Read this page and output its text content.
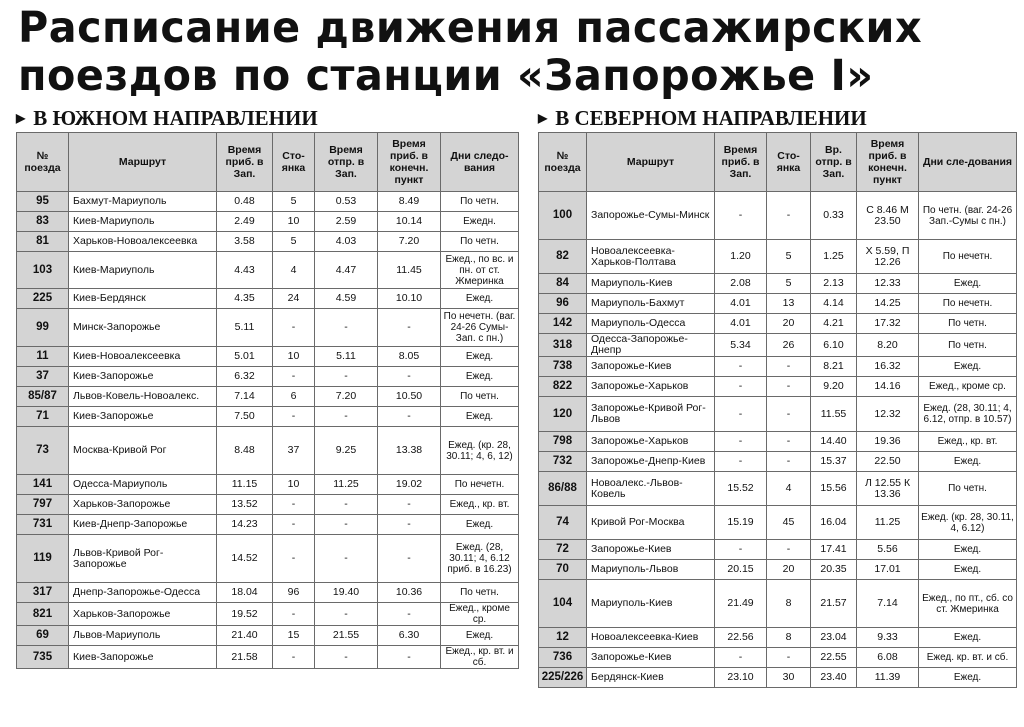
Расписание движения пассажирских
поездов по станции «Запорожье I»
▶ В ЮЖНОМ НАПРАВЛЕНИИ
№ поезда	Маршрут	Время приб. в Зап.	Сто-янка	Время отпр. в Зап.	Время приб. в конечн. пункт	Дни следо-вания
95	Бахмут-Мариуполь	0.48	5	0.53	8.49	По четн.
83	Киев-Мариуполь	2.49	10	2.59	10.14	Ежедн.
81	Харьков-Новоалексеевка	3.58	5	4.03	7.20	По четн.
103	Киев-Мариуполь	4.43	4	4.47	11.45	Ежед., по вс. и пн. от ст. Жмеринка
225	Киев-Бердянск	4.35	24	4.59	10.10	Ежед.
99	Минск-Запорожье	5.11	-	-	-	По нечетн. (ваг. 24-26 Сумы-Зап. с пн.)
11	Киев-Новоалексеевка	5.01	10	5.11	8.05	Ежед.
37	Киев-Запорожье	6.32	-	-	-	Ежед.
85/87	Львов-Ковель-Новоалекс.	7.14	6	7.20	10.50	По четн.
71	Киев-Запорожье	7.50	-	-	-	Ежед.
73	Москва-Кривой Рог	8.48	37	9.25	13.38	Ежед. (кр. 28, 30.11; 4, 6, 12)
141	Одесса-Мариуполь	11.15	10	11.25	19.02	По нечетн.
797	Харьков-Запорожье	13.52	-	-	-	Ежед., кр. вт.
731	Киев-Днепр-Запорожье	14.23	-	-	-	Ежед.
119	Львов-Кривой Рог-Запорожье	14.52	-	-	-	Ежед. (28, 30.11; 4, 6.12 приб. в 16.23)
317	Днепр-Запорожье-Одесса	18.04	96	19.40	10.36	По четн.
821	Харьков-Запорожье	19.52	-	-	-	Ежед., кроме ср.
69	Львов-Мариуполь	21.40	15	21.55	6.30	Ежед.
735	Киев-Запорожье	21.58	-	-	-	Ежед., кр. вт. и сб.
▶ В СЕВЕРНОМ НАПРАВЛЕНИИ
№ поезда	Маршрут	Время приб. в Зап.	Сто-янка	Вр. отпр. в Зап.	Время приб. в конечн. пункт	Дни сле-дования
100	Запорожье-Сумы-Минск	-	-	0.33	С 8.46 М 23.50	По четн. (ваг. 24-26 Зап.-Сумы с пн.)
82	Новоалексеевка-Харьков-Полтава	1.20	5	1.25	Х 5.59, П 12.26	По нечетн.
84	Мариуполь-Киев	2.08	5	2.13	12.33	Ежед.
96	Мариуполь-Бахмут	4.01	13	4.14	14.25	По нечетн.
142	Мариуполь-Одесса	4.01	20	4.21	17.32	По четн.
318	Одесса-Запорожье-Днепр	5.34	26	6.10	8.20	По четн.
738	Запорожье-Киев	-	-	8.21	16.32	Ежед.
822	Запорожье-Харьков	-	-	9.20	14.16	Ежед., кроме ср.
120	Запорожье-Кривой Рог-Львов	-	-	11.55	12.32	Ежед. (28, 30.11; 4, 6.12, отпр. в 10.57)
798	Запорожье-Харьков	-	-	14.40	19.36	Ежед., кр. вт.
732	Запорожье-Днепр-Киев	-	-	15.37	22.50	Ежед.
86/88	Новоалекс.-Львов-Ковель	15.52	4	15.56	Л 12.55 К 13.36	По четн.
74	Кривой Рог-Москва	15.19	45	16.04	11.25	Ежед. (кр. 28, 30.11, 4, 6.12)
72	Запорожье-Киев	-	-	17.41	5.56	Ежед.
70	Мариуполь-Львов	20.15	20	20.35	17.01	Ежед.
104	Мариуполь-Киев	21.49	8	21.57	7.14	Ежед., по пт., сб. со ст. Жмеринка
12	Новоалексеевка-Киев	22.56	8	23.04	9.33	Ежед.
736	Запорожье-Киев	-	-	22.55	6.08	Ежед. кр. вт. и сб.
225/226	Бердянск-Киев	23.10	30	23.40	11.39	Ежед.
